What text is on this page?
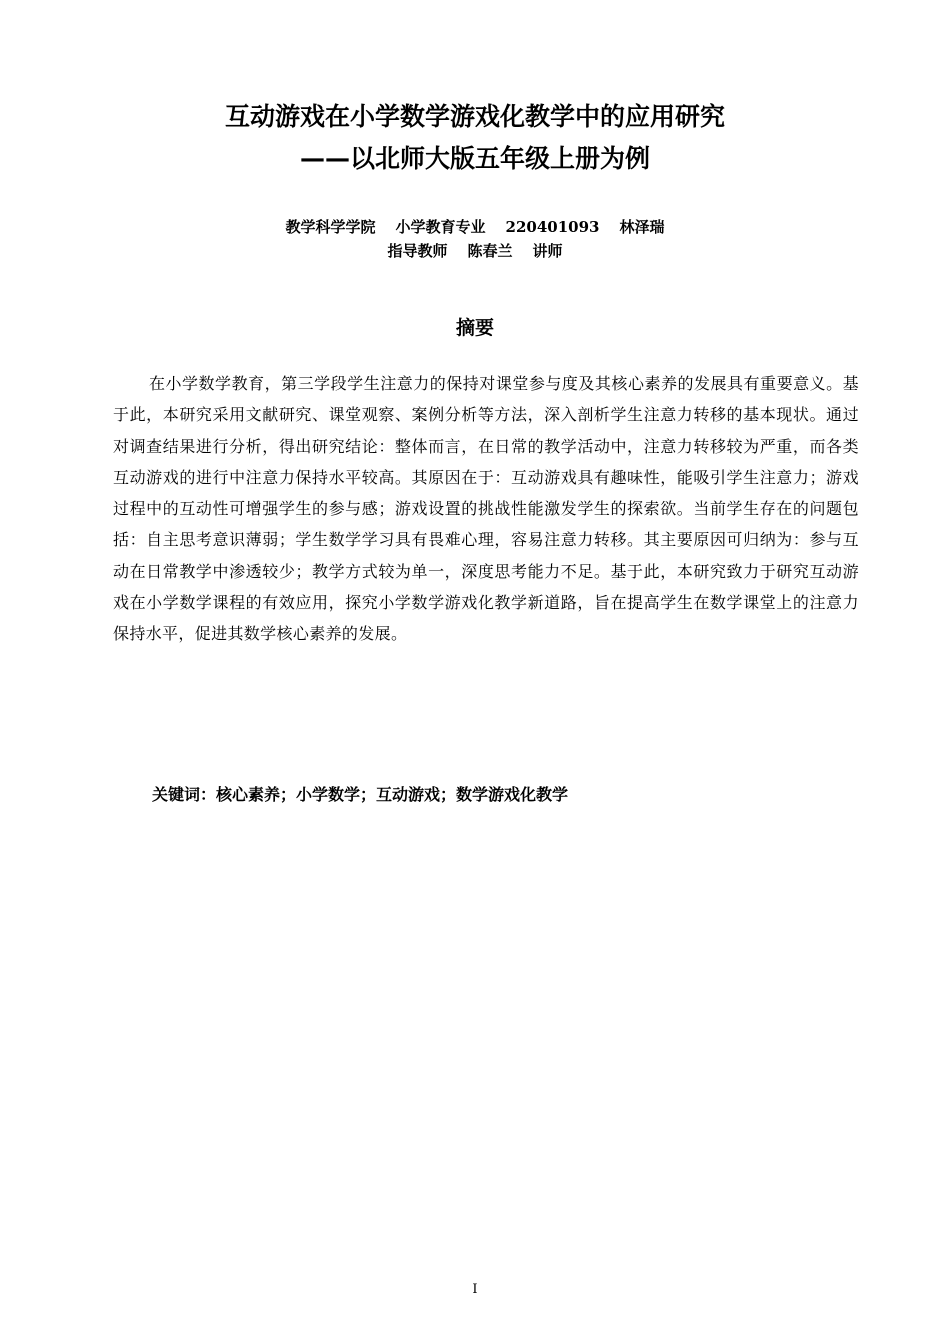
互动游戏在小学数学游戏化教学中的应用研究
——以北师大版五年级上册为例
教学科学学院 小学教育专业 220401093 林泽瑞
指导教师 陈春兰 讲师
摘要

在小学数学教育，第三学段学生注意力的保持对课堂参与度及其核心素养的发展具有重要意义。基于此，本研究采用文献研究、课堂观察、案例分析等方法，深入剖析学生注意力转移的基本现状。通过对调查结果进行分析，得出研究结论：整体而言，在日常的教学活动中，注意力转移较为严重，而各类互动游戏的进行中注意力保持水平较高。其原因在于：互动游戏具有趣味性，能吸引学生注意力；游戏过程中的互动性可增强学生的参与感；游戏设置的挑战性能激发学生的探索欲。当前学生存在的问题包括：自主思考意识薄弱；学生数学学习具有畏难心理，容易注意力转移。其主要原因可归纳为：参与互动在日常教学中渗透较少；教学方式较为单一，深度思考能力不足。基于此，本研究致力于研究互动游戏在小学数学课程的有效应用，探究小学数学游戏化教学新道路，旨在提高学生在数学课堂上的注意力保持水平，促进其数学核心素养的发展。

关键词：核心素养；小学数学；互动游戏；数学游戏化教学
I
